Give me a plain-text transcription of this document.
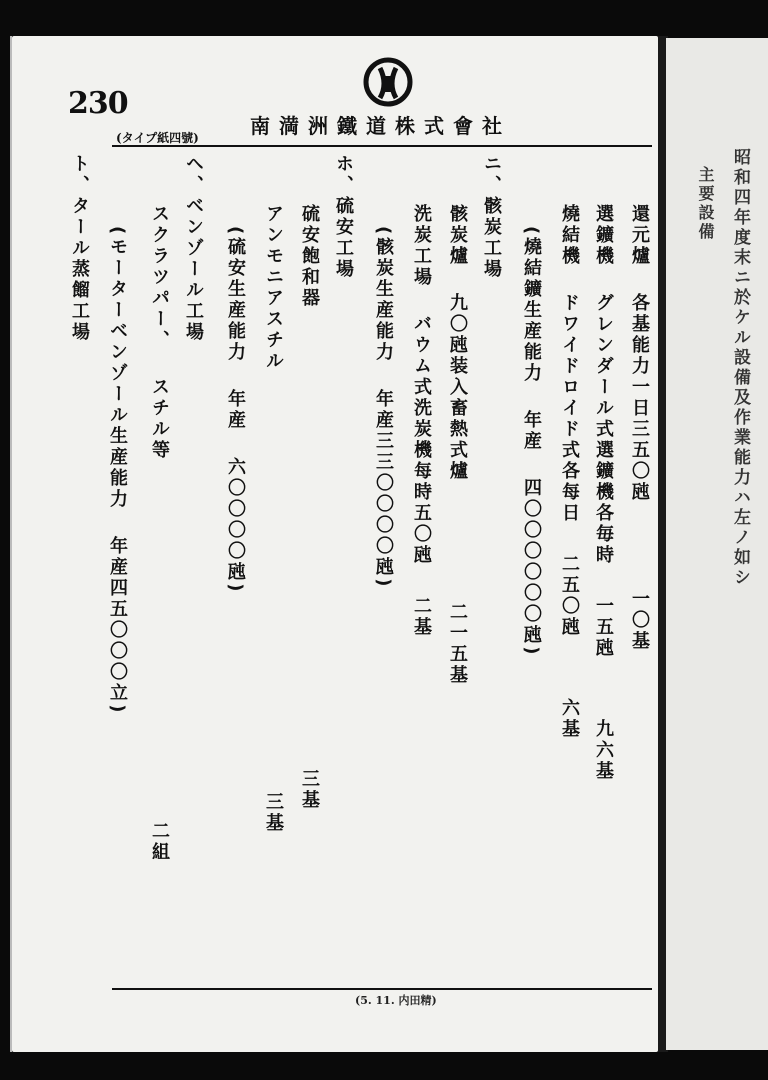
昭和四年度末ニ於ケル設備及作業能力ハ左ノ如シ
主要設備
230
南満洲鐵道株式會社
(タイプ紙四號)
還元爐各基能力一日三五〇瓲一〇基
選鑛機グレンダール式選鑛機各毎時一五瓲九六基
燒結機ドワイドロイド式各每日二五〇瓲六基
(燒結鑛生産能力年産四〇〇〇〇〇〇瓲)
ニ、骸炭工場
骸炭爐九〇瓲装入畜熱式爐二一五基
洗炭工場バウム式洗炭機每時五〇瓲二基
(骸炭生産能力年産三三〇〇〇〇瓲)
ホ、硫安工場
硫安飽和器三基
アンモニアスチル三基
(硫安生産能力年産六〇〇〇〇瓲)
ヘ、ベンゾール工場
スクラツパー、スチル等二組
(モーターベンゾール生産能力年産四五〇〇〇立)
ト、タール蒸餾工場
(5. 11. 内田精)
